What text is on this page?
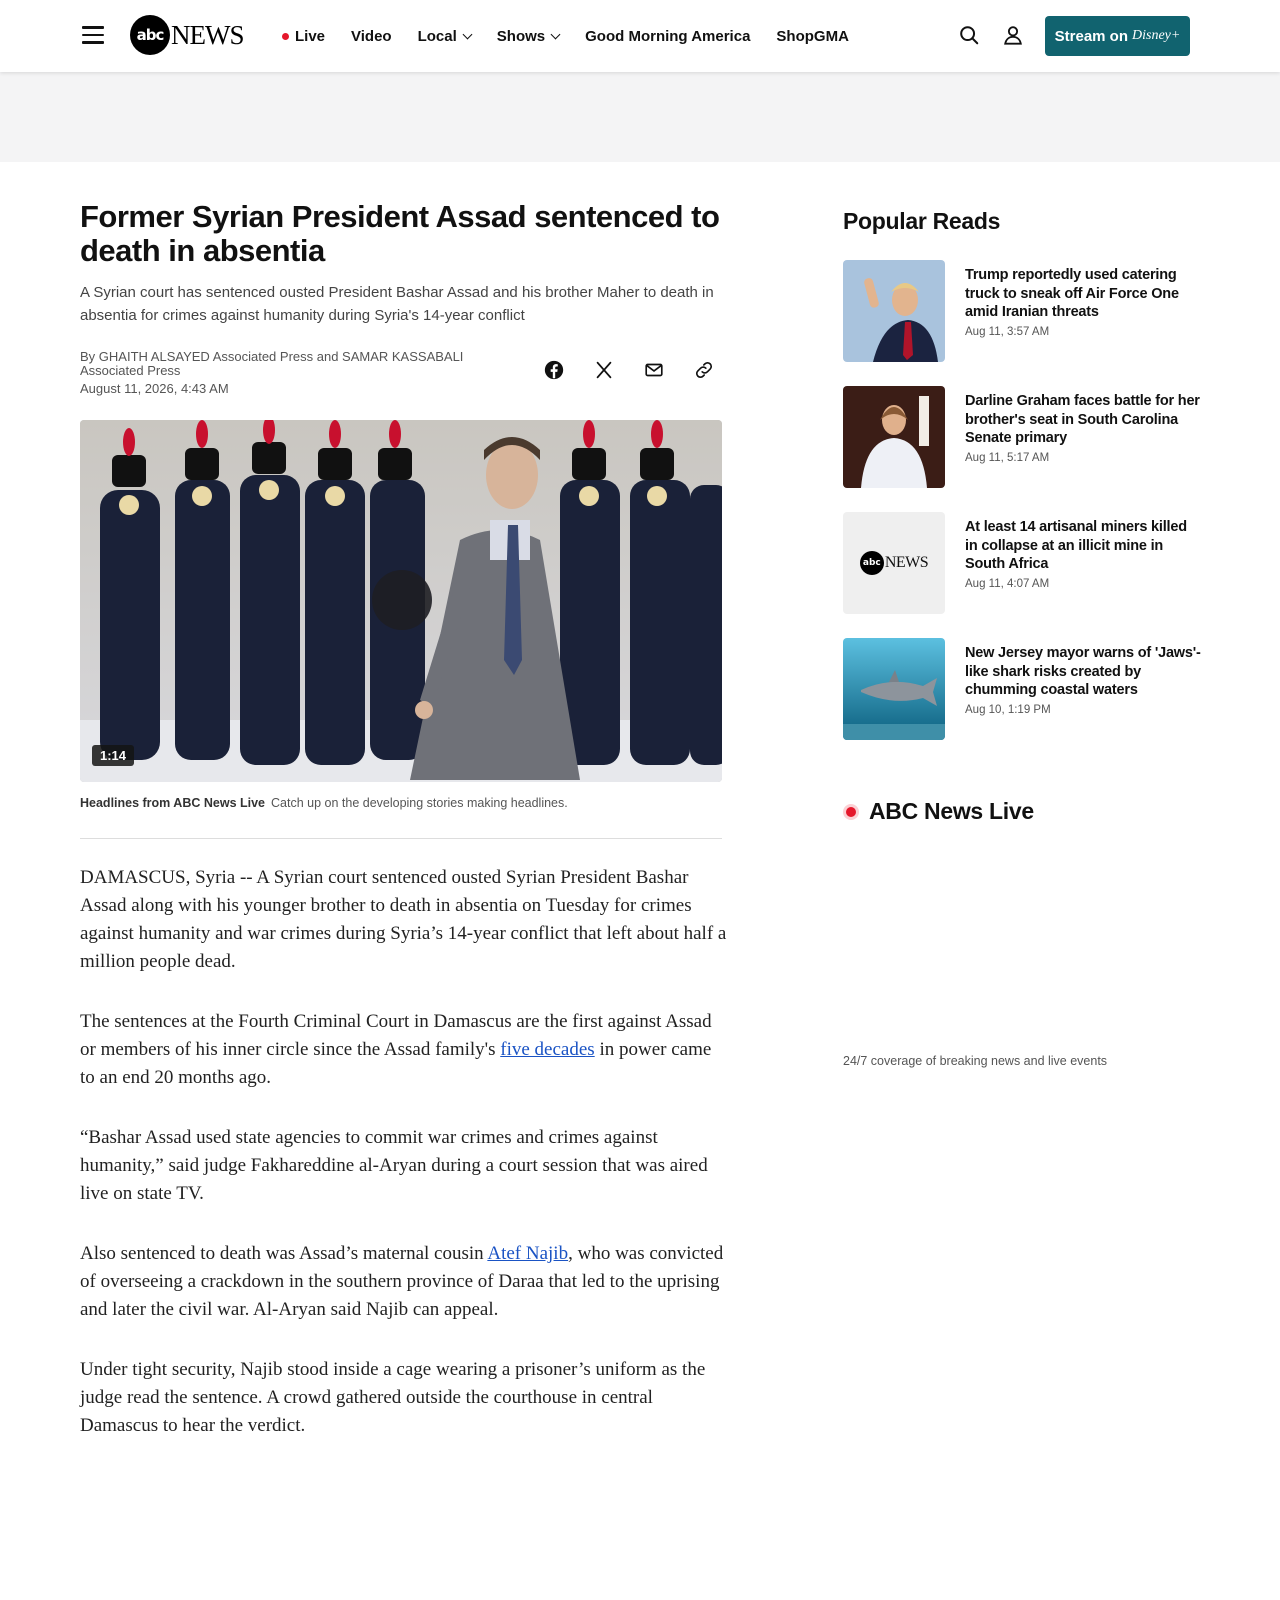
abc NEWS	Live Video Local	Shows	Good Morning America ShopGMA	Stream on Disney+
Former Syrian President Assad sentenced to death in absentia

A Syrian court has sentenced ousted President Bashar Assad and his brother Maher to death in absentia for crimes against humanity during Syria's 14-year conflict

By GHAITH ALSAYED Associated Press and SAMAR KASSABALI Associated Press
August 11, 2026, 4:43 AM
1:14
Headlines from ABC News Live Catch up on the developing stories making headlines.

DAMASCUS, Syria -- A Syrian court sentenced ousted Syrian President Bashar Assad along with his younger brother to death in absentia on Tuesday for crimes against humanity and war crimes during Syria’s 14-year conflict that left about half a million people dead.

The sentences at the Fourth Criminal Court in Damascus are the first against Assad or members of his inner circle since the Assad family's five decades in power came to an end 20 months ago.

“Bashar Assad used state agencies to commit war crimes and crimes against humanity,” said judge Fakhareddine al-Aryan during a court session that was aired live on state TV.

Also sentenced to death was Assad’s maternal cousin Atef Najib, who was convicted of overseeing a crackdown in the southern province of Daraa that led to the uprising and later the civil war. Al-Aryan said Najib can appeal.

Under tight security, Najib stood inside a cage wearing a prisoner’s uniform as the judge read the sentence. A crowd gathered outside the courthouse in central Damascus to hear the verdict.

Popular Reads
Trump reportedly used catering truck to sneak off Air Force One amid Iranian threats
Aug 11, 3:57 AM
Darline Graham faces battle for her brother's seat in South Carolina Senate primary
Aug 11, 5:17 AM
abc NEWS
At least 14 artisanal miners killed in collapse at an illicit mine in South Africa
Aug 11, 4:07 AM
New Jersey mayor warns of 'Jaws'-like shark risks created by chumming coastal waters
Aug 10, 1:19 PM
ABC News Live
24/7 coverage of breaking news and live events
